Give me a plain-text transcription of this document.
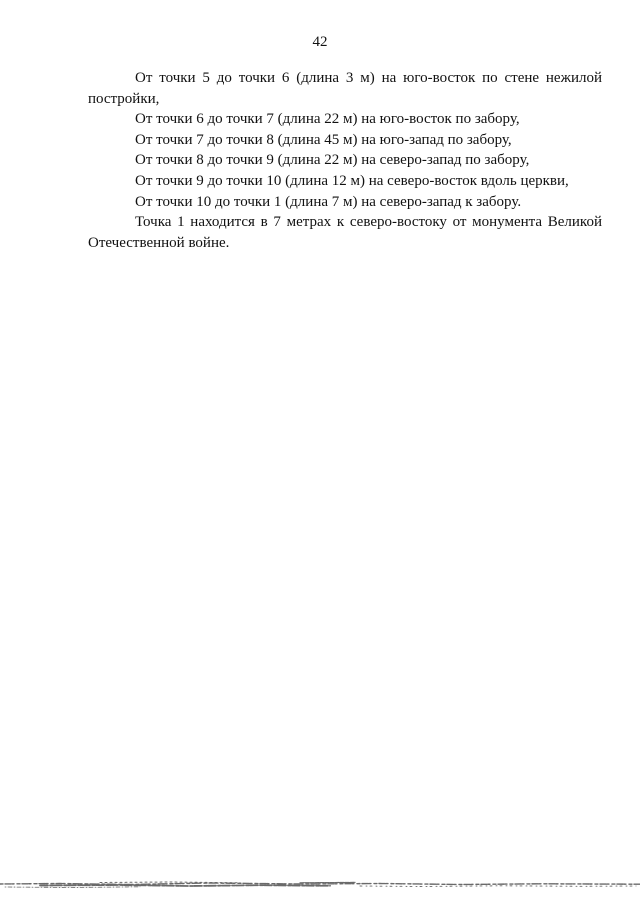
42

От точки 5 до точки 6 (длина 3 м) на юго-восток по стене нежилой постройки,

От точки 6 до точки 7 (длина 22 м) на юго-восток по забору,

От точки 7 до точки 8 (длина 45 м) на юго-запад по забору,

От точки 8 до точки 9 (длина 22 м) на северо-запад по забору,

От точки 9 до точки 10 (длина 12 м) на северо-восток вдоль церкви,

От точки 10 до точки 1 (длина 7 м) на северо-запад к забору.

Точка 1 находится в 7 метрах к северо-востоку от монумента Великой Отечественной войне.
